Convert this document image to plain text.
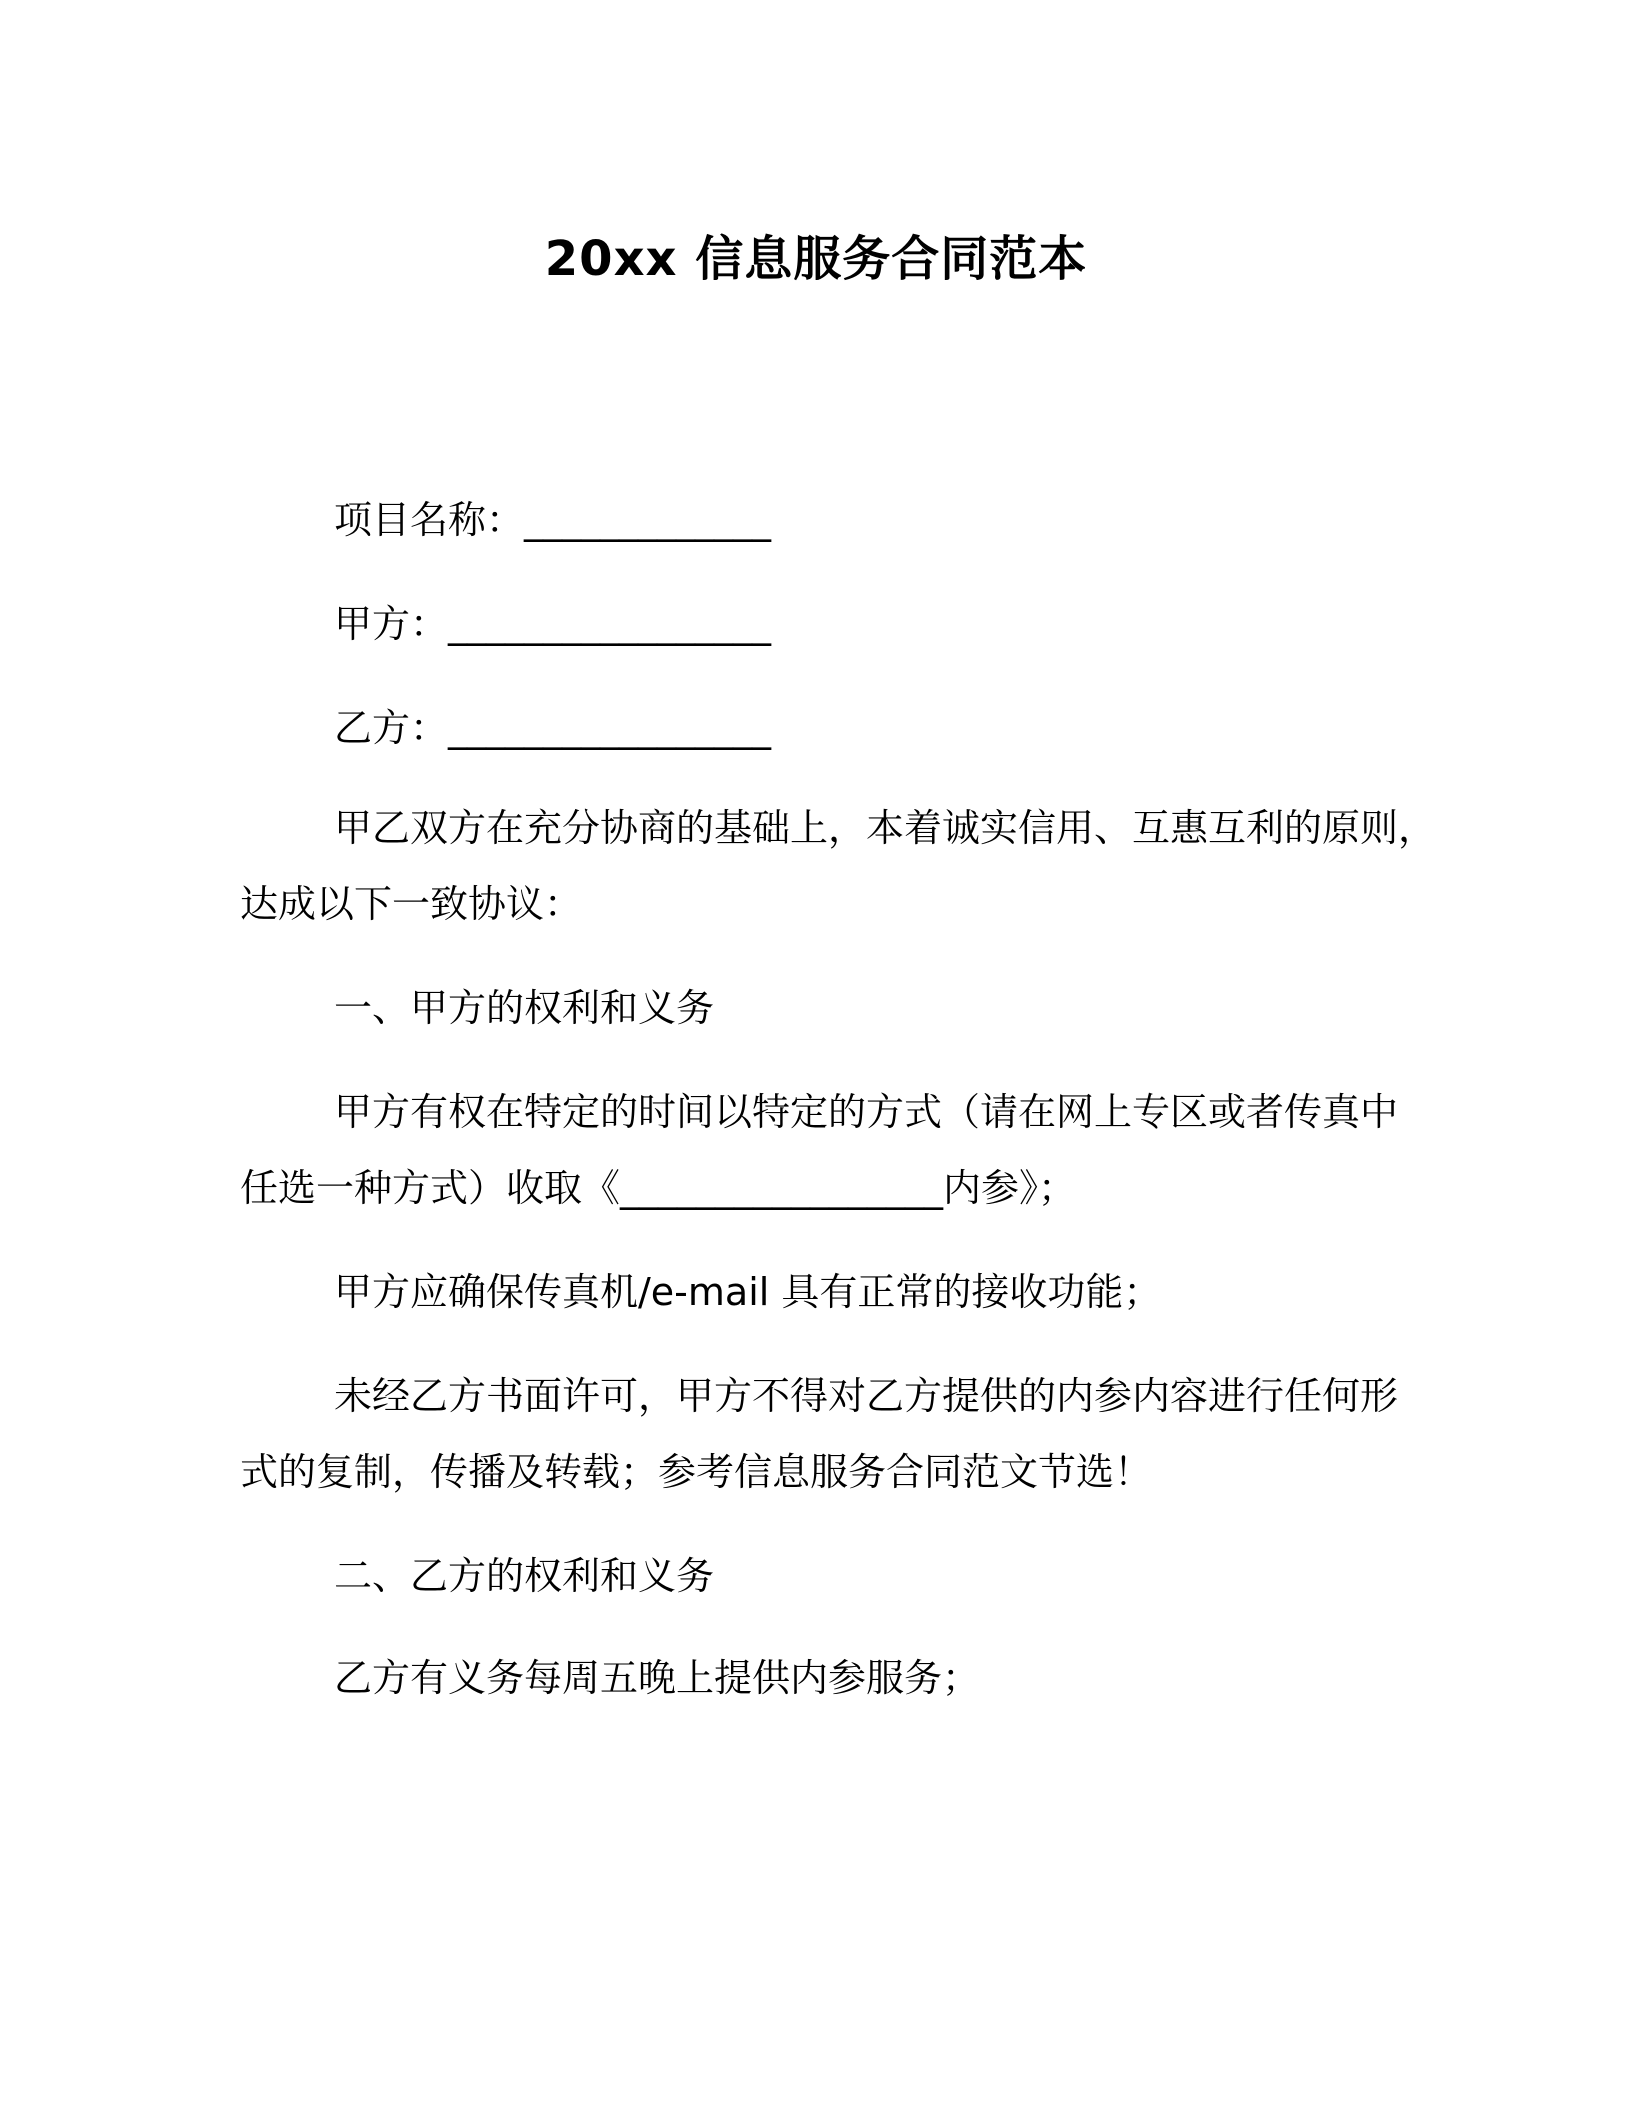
20xx 信息服务合同范本
项目名称：_____________
甲方：_________________
乙方：_________________
甲乙双方在充分协商的基础上，本着诚实信用、互惠互利的原则，
达成以下一致协议：
一、甲方的权利和义务
甲方有权在特定的时间以特定的方式（请在网上专区或者传真中
任选一种方式）收取《_________________内参》；
甲方应确保传真机/e-mail 具有正常的接收功能；
未经乙方书面许可，甲方不得对乙方提供的内参内容进行任何形
式的复制，传播及转载；参考信息服务合同范文节选！
二、乙方的权利和义务
乙方有义务每周五晚上提供内参服务；
